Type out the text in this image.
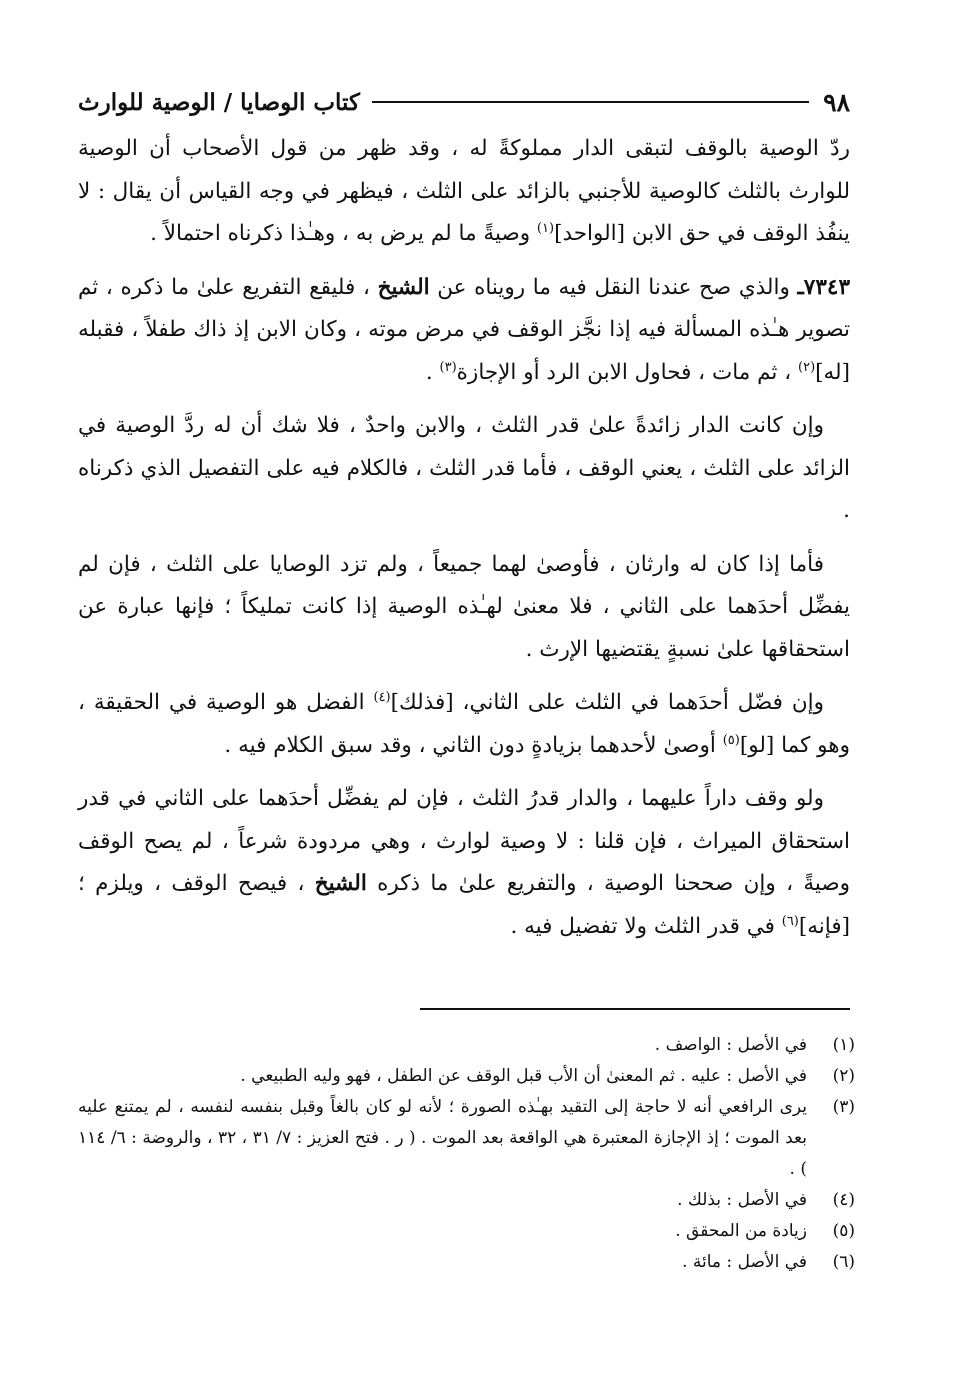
٩٨
كتاب الوصايا / الوصية للوارث

ردّ الوصية بالوقف لتبقى الدار مملوكةً له ، وقد ظهر من قول الأصحاب أن الوصية للوارث بالثلث كالوصية للأجنبي بالزائد على الثلث ، فيظهر في وجه القياس أن يقال : لا ينفُذ الوقف في حق الابن [الواحد]$^{(١)}$ وصيةً ما لم يرض به ، وهـٰذا ذكرناه احتمالاً .

٧٣٤٣ـ والذي صح عندنا النقل فيه ما رويناه عن الشيخ ، فليقع التفريع علىٰ ما ذكره ، ثم تصوير هـٰذه المسألة فيه إذا نجَّز الوقف في مرض موته ، وكان الابن إذ ذاك طفلاً ، فقبله [له]$^{(٢)}$ ، ثم مات ، فحاول الابن الرد أو الإجازة$^{(٣)}$ .

وإن كانت الدار زائدةً علىٰ قدر الثلث ، والابن واحدٌ ، فلا شك أن له ردَّ الوصية في الزائد على الثلث ، يعني الوقف ، فأما قدر الثلث ، فالكلام فيه على التفصيل الذي ذكرناه .

فأما إذا كان له وارثان ، فأوصىٰ لهما جميعاً ، ولم تزد الوصايا على الثلث ، فإن لم يفضِّل أحدَهما على الثاني ، فلا معنىٰ لهـٰذه الوصية إذا كانت تمليكاً ؛ فإنها عبارة عن استحقاقها علىٰ نسبةٍ يقتضيها الإرث .

وإن فضّل أحدَهما في الثلث على الثاني، [فذلك]$^{(٤)}$ الفضل هو الوصية في الحقيقة ، وهو كما [لو]$^{(٥)}$ أوصىٰ لأحدهما بزيادةٍ دون الثاني ، وقد سبق الكلام فيه .

ولو وقف داراً عليهما ، والدار قدرُ الثلث ، فإن لم يفضِّل أحدَهما على الثاني في قدر استحقاق الميراث ، فإن قلنا : لا وصية لوارث ، وهي مردودة شرعاً ، لم يصح الوقف وصيةً ، وإن صححنا الوصية ، والتفريع علىٰ ما ذكره الشيخ ، فيصح الوقف ، ويلزم ؛ [فإنه]$^{(٦)}$ في قدر الثلث ولا تفضيل فيه .

(١)
في الأصل : الواصف .
(٢)
في الأصل : عليه . ثم المعنىٰ أن الأب قبل الوقف عن الطفل ، فهو وليه الطبيعي .
(٣)
يرى الرافعي أنه لا حاجة إلى التقيد بهـٰذه الصورة ؛ لأنه لو كان بالغاً وقبل بنفسه لنفسه ، لم يمتنع عليه بعد الموت ؛ إذ الإجازة المعتبرة هي الواقعة بعد الموت . ( ر . فتح العزيز : ٧/ ٣١ ، ٣٢ ، والروضة : ٦/ ١١٤ ) .
(٤)
في الأصل : بذلك .
(٥)
زيادة من المحقق .
(٦)
في الأصل : مائة .
